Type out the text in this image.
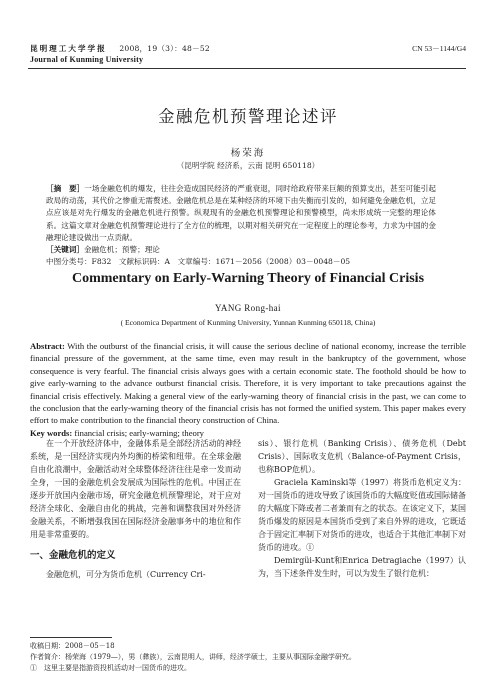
昆明理工大学学报 2008，19（3）：48－52
Journal of Kunming University
CN 53－1144/G4
金融危机预警理论述评
杨荣海
（昆明学院 经济系，云南 昆明 650118）
［摘　要］一场金融危机的爆发，往往会造成国民经济的严重衰退，同时给政府带来巨额的预算支出，甚至可能引起政局的动荡，其代价之惨重无需赘述。金融危机总是在某种经济的环境下由失衡而引发的，如何避免金融危机，立足点应该是对先行爆发的金融危机进行预警。纵观现有的金融危机预警理论和预警模型，尚未形成统一完整的理论体系。这篇文章对金融危机预警理论进行了全方位的梳理，以期对相关研究在一定程度上的理论参考，力求为中国的金融理论建设做出一点贡献。
［关键词］金融危机；预警；理论
中图分类号：F832　文献标识码：A　文章编号：1671－2056（2008）03－0048－05
Commentary on Early-Warning Theory of Financial Crisis
YANG Rong-hai
( Economica Department of Kunming University, Yunnan Kunming 650118, China)
Abstract: With the outburst of the financial crisis, it will cause the serious decline of national economy, increase the terrible financial pressure of the government, at the same time, even may result in the bankruptcy of the government, whose consequence is very fearful. The financial crisis always goes with a certain economic state. The foothold should be how to give early-warning to the advance outburst financial crisis. Therefore, it is very important to take precautions against the financial crisis effectively. Making a general view of the early-warning theory of financial crisis in the past, we can come to the conclusion that the early-warning theory of the financial crisis has not formed the unified system. This paper makes every effort to make contribution to the financial theory construction of China.
Key words: financial crisis; early-warning; theory

在一个开放经济体中，金融体系是全部经济活动的神经系统，是一国经济实现内外均衡的桥梁和纽带。在全球金融自由化浪潮中，金融活动对全球整体经济往往是牵一发而动全身，一国的金融危机会发展成为国际性的危机。中国正在逐步开放国内金融市场，研究金融危机预警理论，对于应对经济全球化、金融自由化的挑战，完善和调整我国对外经济金融关系，不断增强我国在国际经济金融事务中的地位和作用是非常重要的。

一、金融危机的定义

金融危机，可分为货币危机（Currency Cri-

sis）、银行危机（Banking Crisis）、债务危机（Debt Crisis）、国际收支危机（Balance-of-Payment Crisis，也称BOP危机）。

Graciela Kaminski等（1997）将货币危机定义为：对一国货币的进攻导致了该国货币的大幅度贬值或国际储备的大幅度下降或者二者兼而有之的状态。在该定义下，某国货币爆发的原因是本国货币受到了来自外界的进攻，它既适合于固定汇率制下对货币的进攻，也适合于其他汇率制下对货币的进攻。①

Demirgüi-Kunt和Enrica Detragiache（1997）认为，当下述条件发生时，可以为发生了银行危机：

收稿日期：2008－05－18
作者简介：杨荣海（1979—），男（彝族），云南昆明人，讲师，经济学硕士，主要从事国际金融学研究。
①　这里主要是指游资投机活动对一国货币的进攻。
